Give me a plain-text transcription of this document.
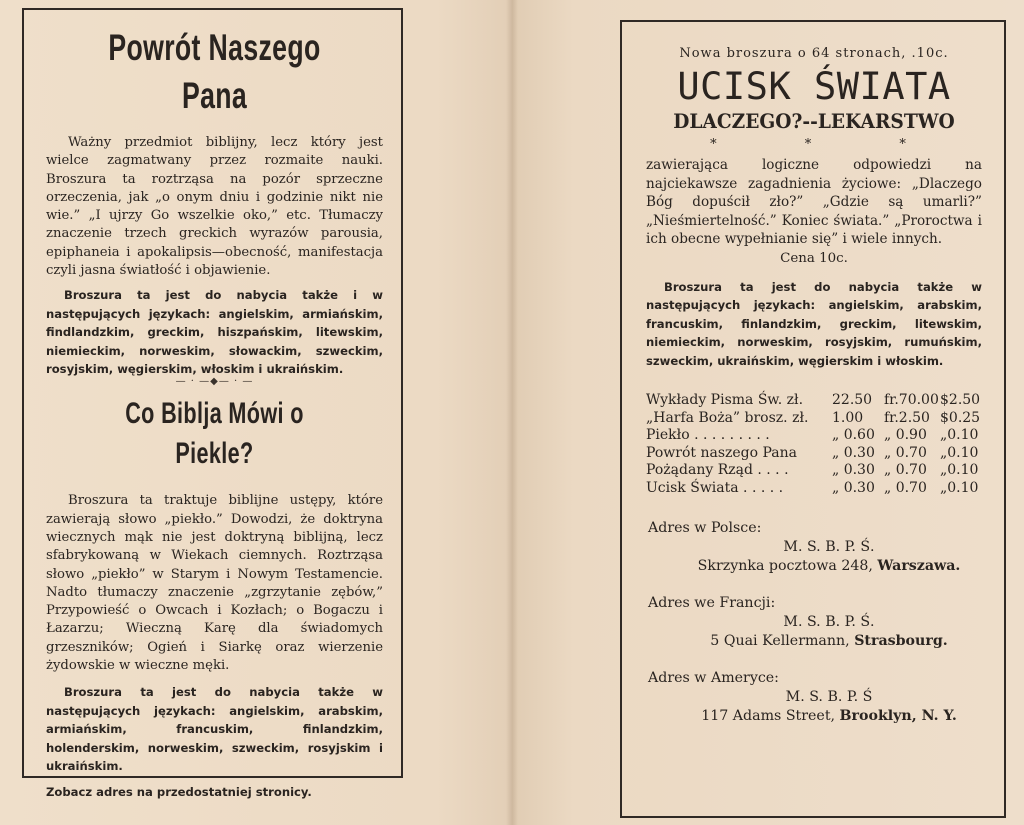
Powrót Naszego Pana

Ważny przedmiot biblijny, lecz który jest wielce zagmatwany przez rozmaite nauki. Broszura ta roztrząsa na pozór sprzeczne orzeczenia, jak „o onym dniu i godzinie nikt nie wie.” „I ujrzy Go wszelkie oko,” etc. Tłumaczy znaczenie trzech greckich wyrazów parousia, epiphaneia i apokalipsis—obecność, manifestacja czyli jasna światłość i objawienie.

Broszura ta jest do nabycia także i w następujących językach: angielskim, armiańskim, findlandzkim, greckim, hiszpańskim, litewskim, niemieckim, norweskim, słowackim, szweckim, rosyjskim, węgierskim, włoskim i ukraińskim.

— · —◆— · —

Co Biblja Mówi o Piekle?

Broszura ta traktuje biblijne ustępy, które zawierają słowo „piekło.” Dowodzi, że doktryna wiecznych mąk nie jest doktryną biblijną, lecz sfabrykowaną w Wiekach ciemnych. Roztrząsa słowo „piekło” w Starym i Nowym Testamencie. Nadto tłumaczy znaczenie „zgrzytanie zębów,” Przypowieść o Owcach i Kozłach; o Bogaczu i Łazarzu; Wieczną Karę dla świadomych grzeszników; Ogień i Siarkę oraz wierzenie żydowskie w wieczne męki.

Broszura ta jest do nabycia także w następujących językach: angielskim, arabskim, armiańskim, francuskim, finlandzkim, holenderskim, norweskim, szweckim, rosyjskim i ukraińskim.

Zobacz adres na przedostatniej stronicy.

Nowa broszura o 64 stronach, .10c.

UCISK ŚWIATA

DLACZEGO?--LEKARSTWO

* * *

zawierająca logiczne odpowiedzi na najciekawsze zagadnienia życiowe: „Dlaczego Bóg dopuścił zło?” „Gdzie są umarli?” „Nieśmiertelność.” Koniec świata.” „Proroctwa i ich obecne wypełnianie się” i wiele innych.

Cena 10c.

Broszura ta jest do nabycia także w następujących językach: angielskim, arabskim, francuskim, finlandzkim, greckim, litewskim, niemieckim, norweskim, rosyjskim, rumuńskim, szweckim, ukraińskim, węgierskim i włoskim.

Wykłady Pisma Św. zł.	22.50	fr.70.00	$2.50
„Harfa Boża” brosz. zł.	1.00	fr.2.50	$0.25
Piekło . . . . . . . . .	„ 0.60	„ 0.90	„0.10
Powrót naszego Pana	„ 0.30	„ 0.70	„0.10
Pożądany Rząd . . . .	„ 0.30	„ 0.70	„0.10
Ucisk Świata . . . . .	„ 0.30	„ 0.70	„0.10
Adres w Polsce:
M. S. B. P. Ś.
Skrzynka pocztowa 248, Warszawa.
Adres we Francji:
M. S. B. P. Ś.
5 Quai Kellermann, Strasbourg.
Adres w Ameryce:
M. S. B. P. Ś
117 Adams Street, Brooklyn, N. Y.
